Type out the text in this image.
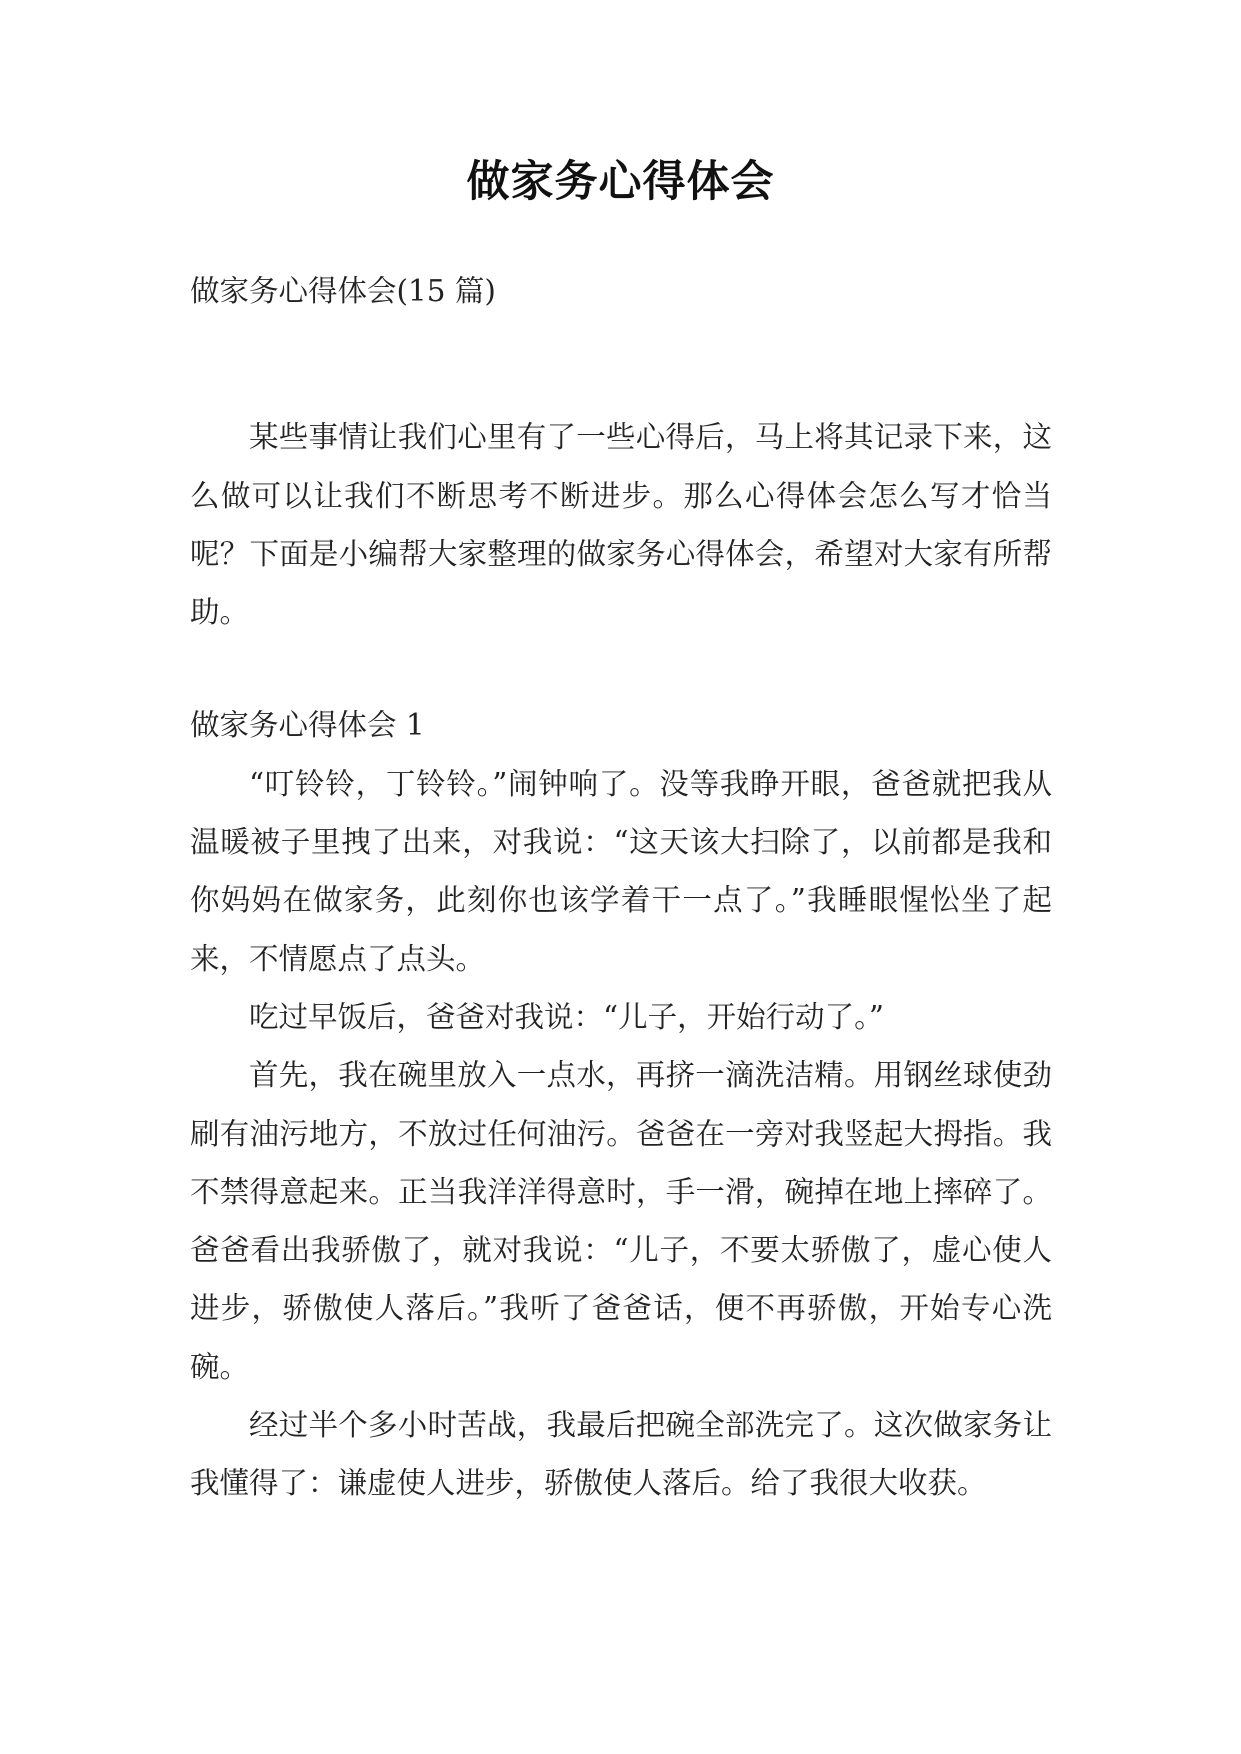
做家务心得体会

做家务心得体会(15 篇)

某些事情让我们心里有了一些心得后，马上将其记录下来，这么做可以让我们不断思考不断进步。那么心得体会怎么写才恰当呢？下面是小编帮大家整理的做家务心得体会，希望对大家有所帮助。

做家务心得体会 1

“叮铃铃，丁铃铃。”闹钟响了。没等我睁开眼，爸爸就把我从温暖被子里拽了出来，对我说：“这天该大扫除了，以前都是我和你妈妈在做家务，此刻你也该学着干一点了。”我睡眼惺忪坐了起来，不情愿点了点头。

吃过早饭后，爸爸对我说：“儿子，开始行动了。”

首先，我在碗里放入一点水，再挤一滴洗洁精。用钢丝球使劲刷有油污地方，不放过任何油污。爸爸在一旁对我竖起大拇指。我不禁得意起来。正当我洋洋得意时，手一滑，碗掉在地上摔碎了。爸爸看出我骄傲了，就对我说：“儿子，不要太骄傲了，虚心使人进步，骄傲使人落后。”我听了爸爸话，便不再骄傲，开始专心洗碗。

经过半个多小时苦战，我最后把碗全部洗完了。这次做家务让我懂得了：谦虚使人进步，骄傲使人落后。给了我很大收获。
